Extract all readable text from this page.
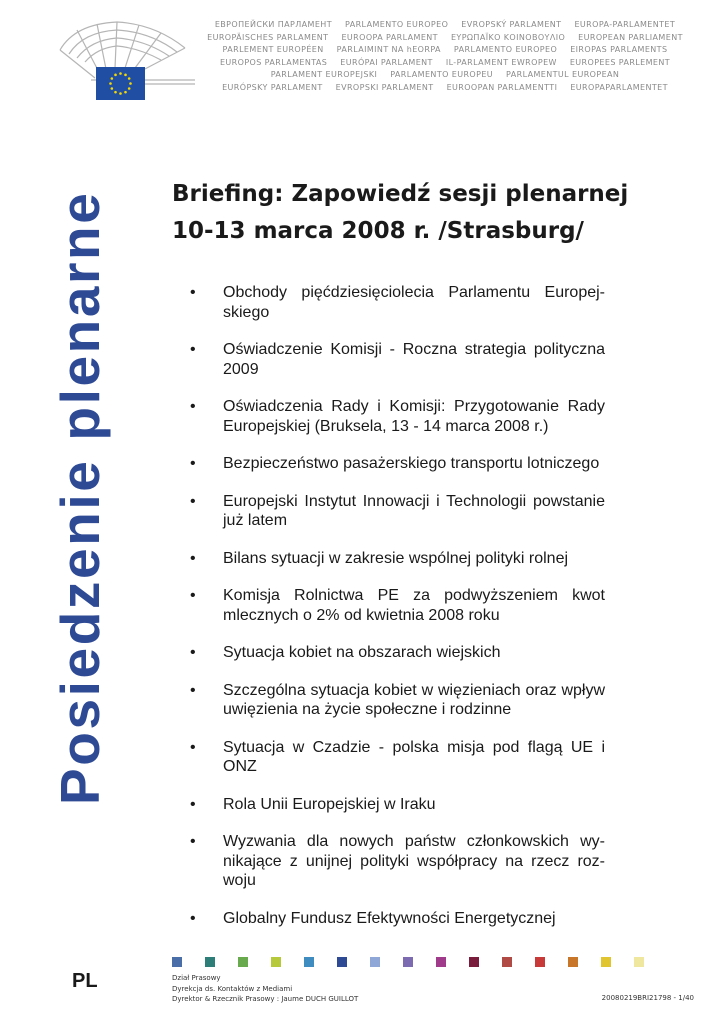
ЕВРОПЕЙСКИ ПАРЛАМЕНТ PARLAMENTO EUROPEO EVROPSKÝ PARLAMENT EUROPA-PARLAMENTET
EUROPÄISCHES PARLAMENT EUROOPA PARLAMENT ΕΥΡΩΠΑΪΚΟ ΚΟΙΝΟΒΟΥΛΙΟ EUROPEAN PARLIAMENT
PARLEMENT EUROPÉEN PARLAIMINT NA hEORPA PARLAMENTO EUROPEO EIROPAS PARLAMENTS
EUROPOS PARLAMENTAS EURÓPAI PARLAMENT IL-PARLAMENT EWROPEW EUROPEES PARLEMENT
PARLAMENT EUROPEJSKI PARLAMENTO EUROPEU PARLAMENTUL EUROPEAN
EURÓPSKY PARLAMENT EVROPSKI PARLAMENT EUROOPAN PARLAMENTTI EUROPAPARLAMENTET
Posiedzenie plenarne	Briefing: Zapowiedź sesji plenarnej
10-13 marca 2008 r. /Strasburg/
• Obchody pięćdziesięciolecia Parlamentu Europejskiego
• Oświadczenie Komisji - Roczna strategia polityczna 2009
• Oświadczenia Rady i Komisji: Przygotowanie Rady Europejskiej (Bruksela, 13 - 14 marca 2008 r.)
• Bezpieczeństwo pasażerskiego transportu lotniczego
• Europejski Instytut Innowacji i Technologii powstanie już latem
• Bilans sytuacji w zakresie wspólnej polityki rolnej
• Komisja Rolnictwa PE za podwyższeniem kwot mlecznych o 2% od kwietnia 2008 roku
• Sytuacja kobiet na obszarach wiejskich
• Szczególna sytuacja kobiet w więzieniach oraz wpływ uwięzienia na życie społeczne i rodzinne
• Sytuacja w Czadzie - polska misja pod flagą UE i ONZ
• Rola Unii Europejskiej w Iraku
• Wyzwania dla nowych państw członkowskich wynikające z unijnej polityki współpracy na rzecz rozwoju
• Globalny Fundusz Efektywności Energetycznej
PL	Dział Prasowy
Dyrekcja ds. Kontaktów z Mediami
Dyrektor & Rzecznik Prasowy : Jaume DUCH GUILLOT	20080219BRI21798 - 1/40
